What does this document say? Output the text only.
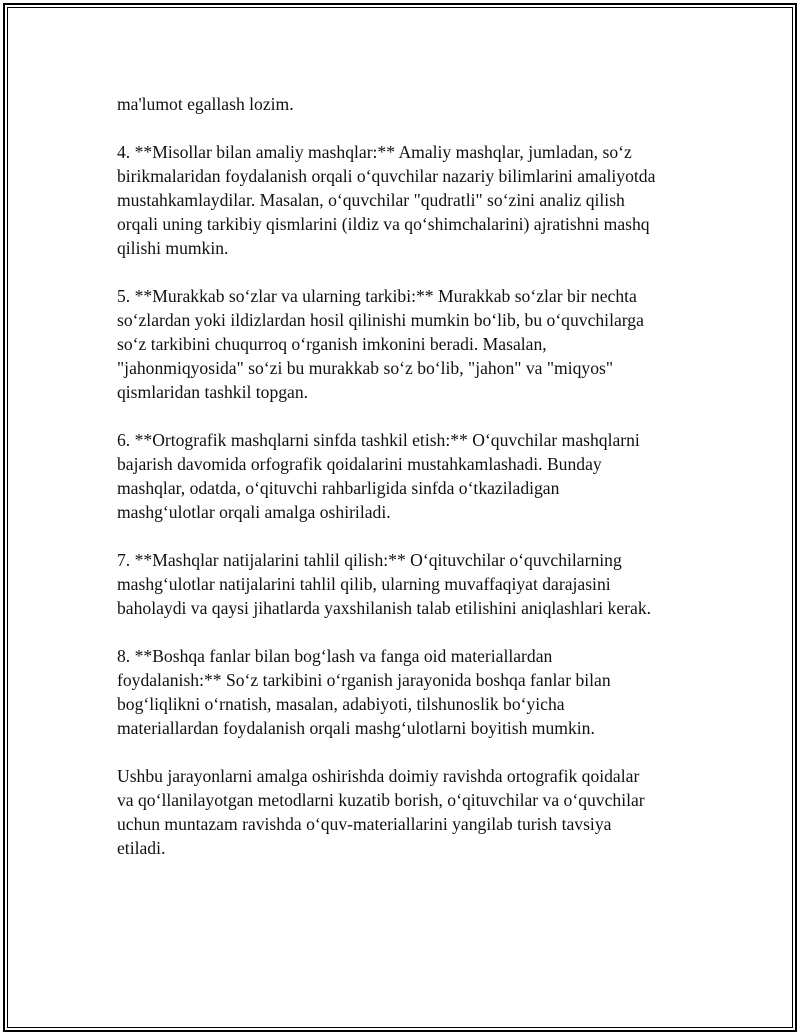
ma'lumot egallash lozim.

4. **Misollar bilan amaliy mashqlar:** Amaliy mashqlar, jumladan, so‘z
birikmalaridan foydalanish orqali o‘quvchilar nazariy bilimlarini amaliyotda
mustahkamlaydilar. Masalan, o‘quvchilar "qudratli" so‘zini analiz qilish
orqali uning tarkibiy qismlarini (ildiz va qo‘shimchalarini) ajratishni mashq
qilishi mumkin.

5. **Murakkab so‘zlar va ularning tarkibi:** Murakkab so‘zlar bir nechta
so‘zlardan yoki ildizlardan hosil qilinishi mumkin bo‘lib, bu o‘quvchilarga
so‘z tarkibini chuqurroq o‘rganish imkonini beradi. Masalan,
"jahonmiqyosida" so‘zi bu murakkab so‘z bo‘lib, "jahon" va "miqyos"
qismlaridan tashkil topgan.

6. **Ortografik mashqlarni sinfda tashkil etish:** O‘quvchilar mashqlarni
bajarish davomida orfografik qoidalarini mustahkamlashadi. Bunday
mashqlar, odatda, o‘qituvchi rahbarligida sinfda o‘tkaziladigan
mashg‘ulotlar orqali amalga oshiriladi.

7. **Mashqlar natijalarini tahlil qilish:** O‘qituvchilar o‘quvchilarning
mashg‘ulotlar natijalarini tahlil qilib, ularning muvaffaqiyat darajasini
baholaydi va qaysi jihatlarda yaxshilanish talab etilishini aniqlashlari kerak.

8. **Boshqa fanlar bilan bog‘lash va fanga oid materiallardan
foydalanish:** So‘z tarkibini o‘rganish jarayonida boshqa fanlar bilan
bog‘liqlikni o‘rnatish, masalan, adabiyoti, tilshunoslik bo‘yicha
materiallardan foydalanish orqali mashg‘ulotlarni boyitish mumkin.

Ushbu jarayonlarni amalga oshirishda doimiy ravishda ortografik qoidalar
va qo‘llanilayotgan metodlarni kuzatib borish, o‘qituvchilar va o‘quvchilar
uchun muntazam ravishda o‘quv-materiallarini yangilab turish tavsiya
etiladi.
